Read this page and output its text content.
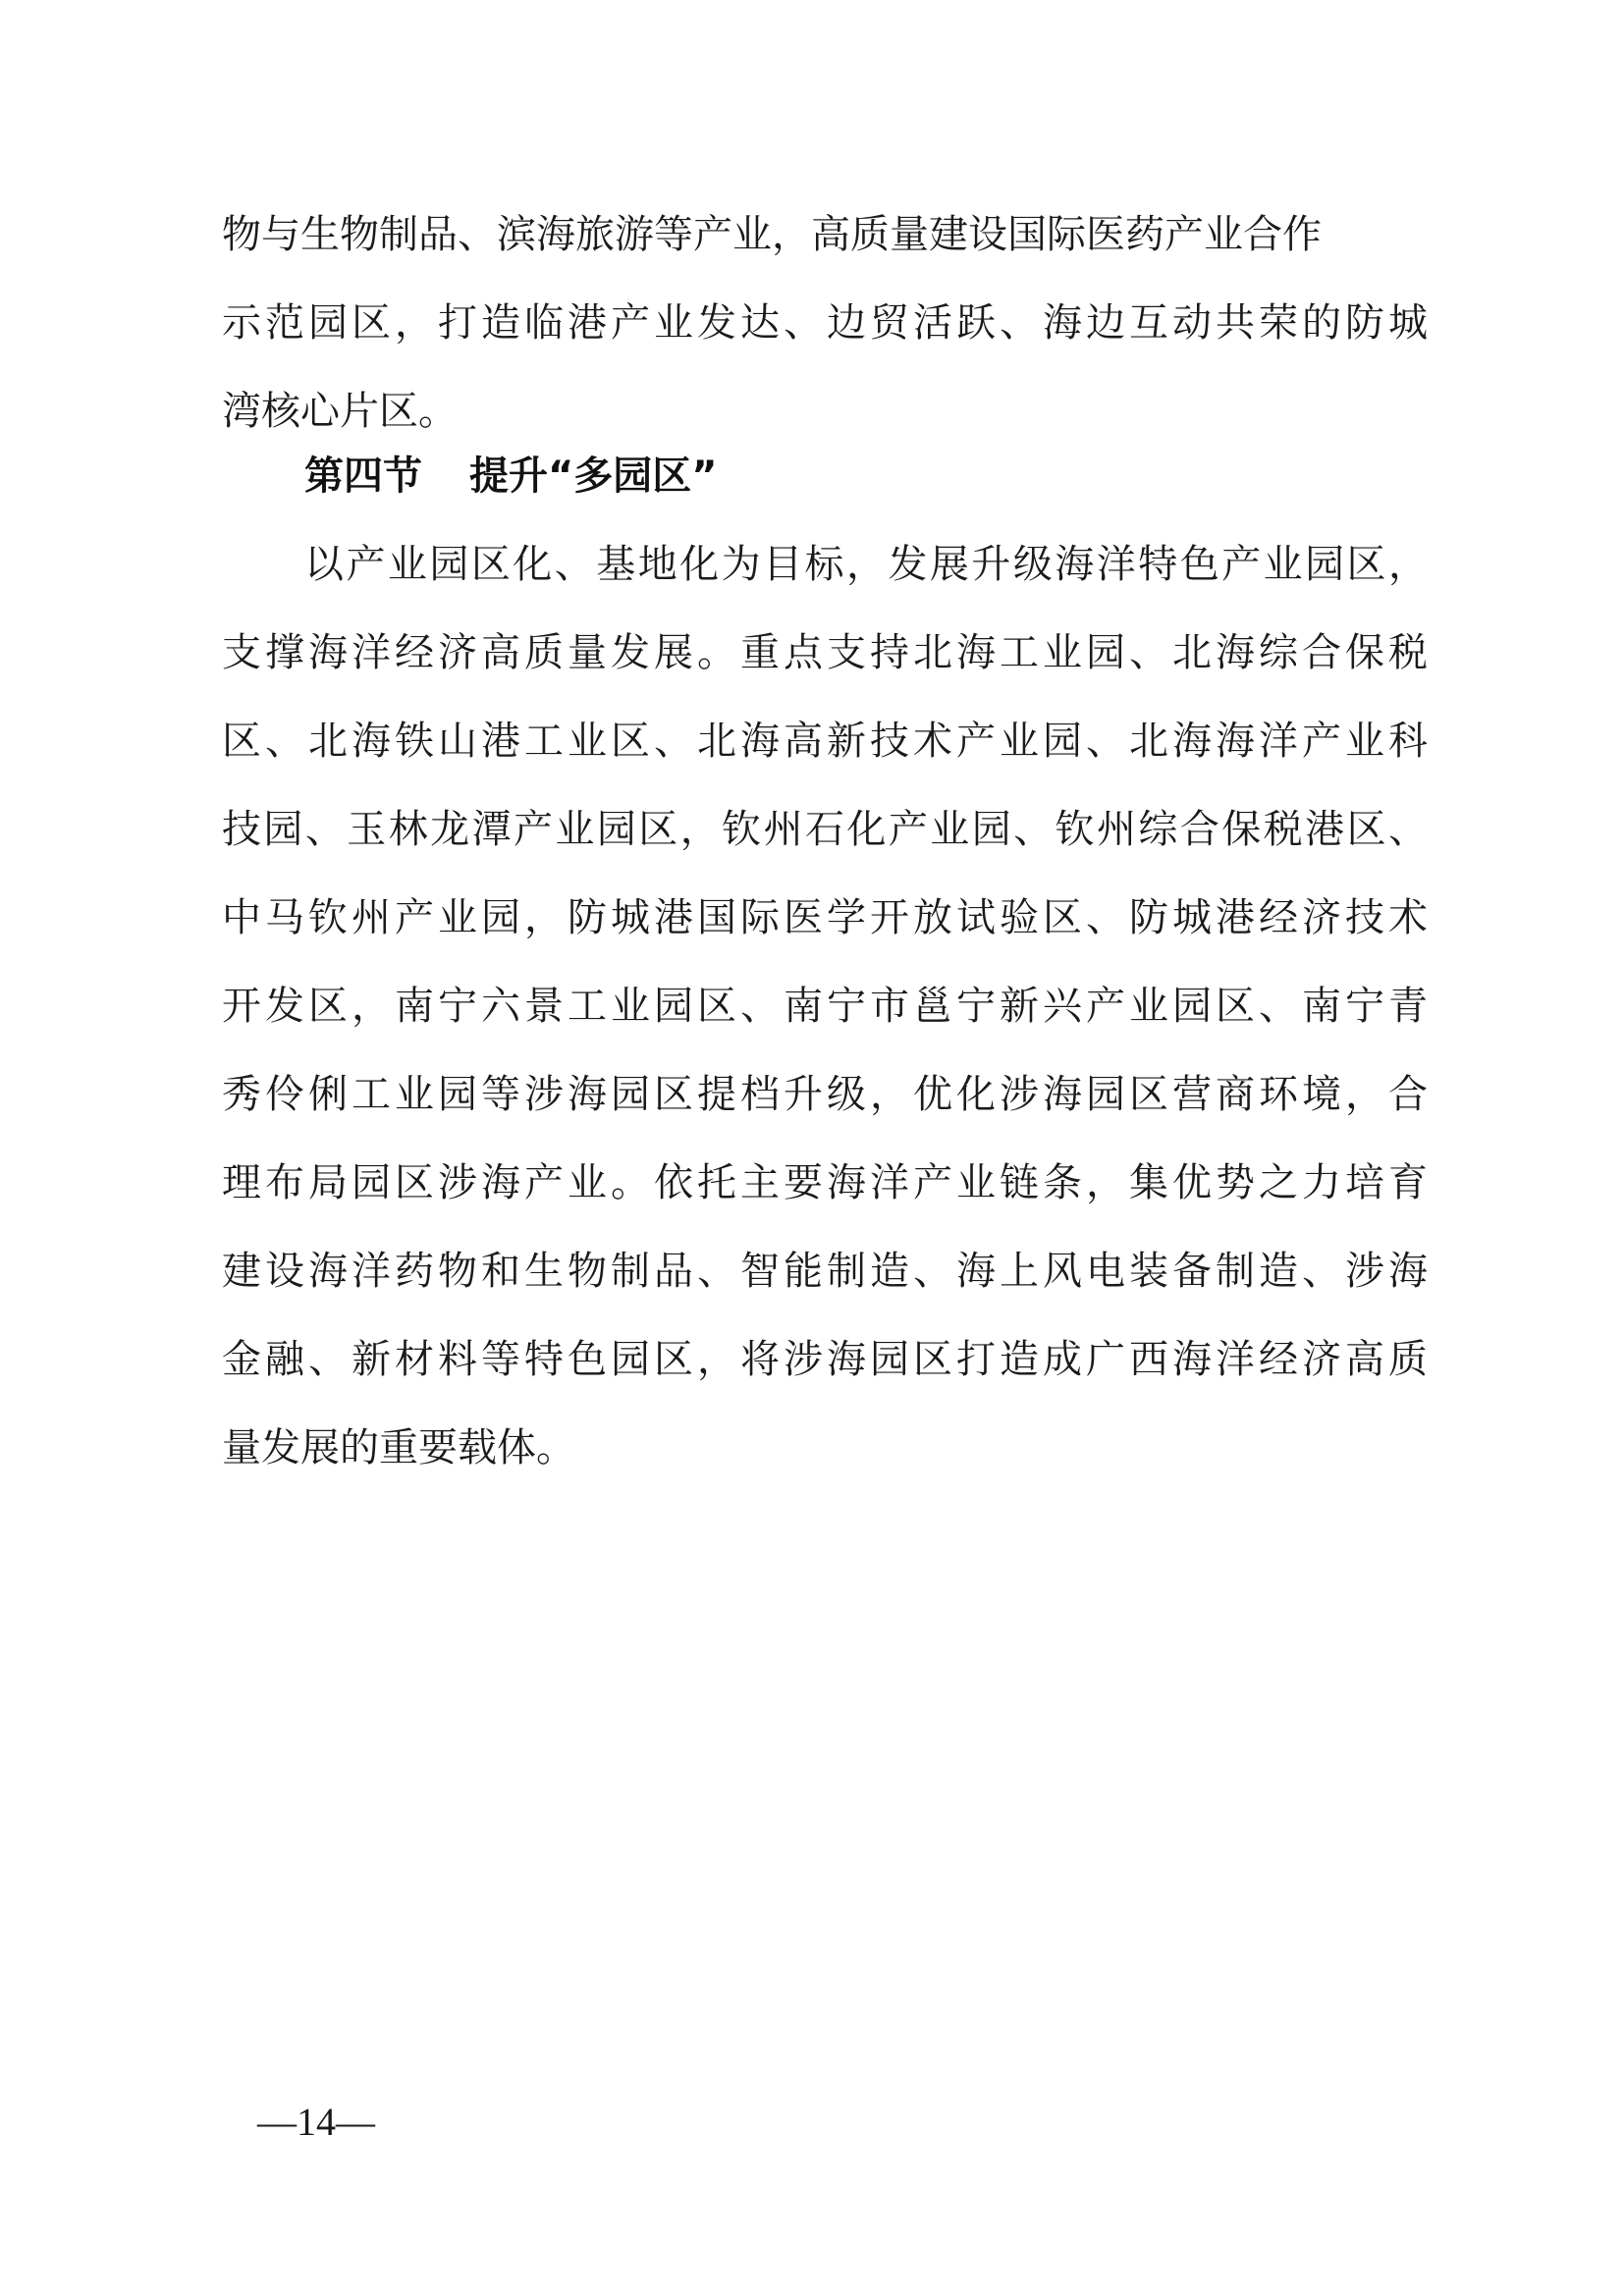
物与生物制品、滨海旅游等产业，高质量建设国际医药产业合作
示范园区，打造临港产业发达、边贸活跃、海边互动共荣的防城
湾核心片区。
第四节 提升“多园区”
以产业园区化、基地化为目标，发展升级海洋特色产业园区，
支撑海洋经济高质量发展。重点支持北海工业园、北海综合保税
区、北海铁山港工业区、北海高新技术产业园、北海海洋产业科
技园、玉林龙潭产业园区，钦州石化产业园、钦州综合保税港区、
中马钦州产业园，防城港国际医学开放试验区、防城港经济技术
开发区，南宁六景工业园区、南宁市邕宁新兴产业园区、南宁青
秀伶俐工业园等涉海园区提档升级，优化涉海园区营商环境，合
理布局园区涉海产业。依托主要海洋产业链条，集优势之力培育
建设海洋药物和生物制品、智能制造、海上风电装备制造、涉海
金融、新材料等特色园区，将涉海园区打造成广西海洋经济高质
量发展的重要载体。
—14—
